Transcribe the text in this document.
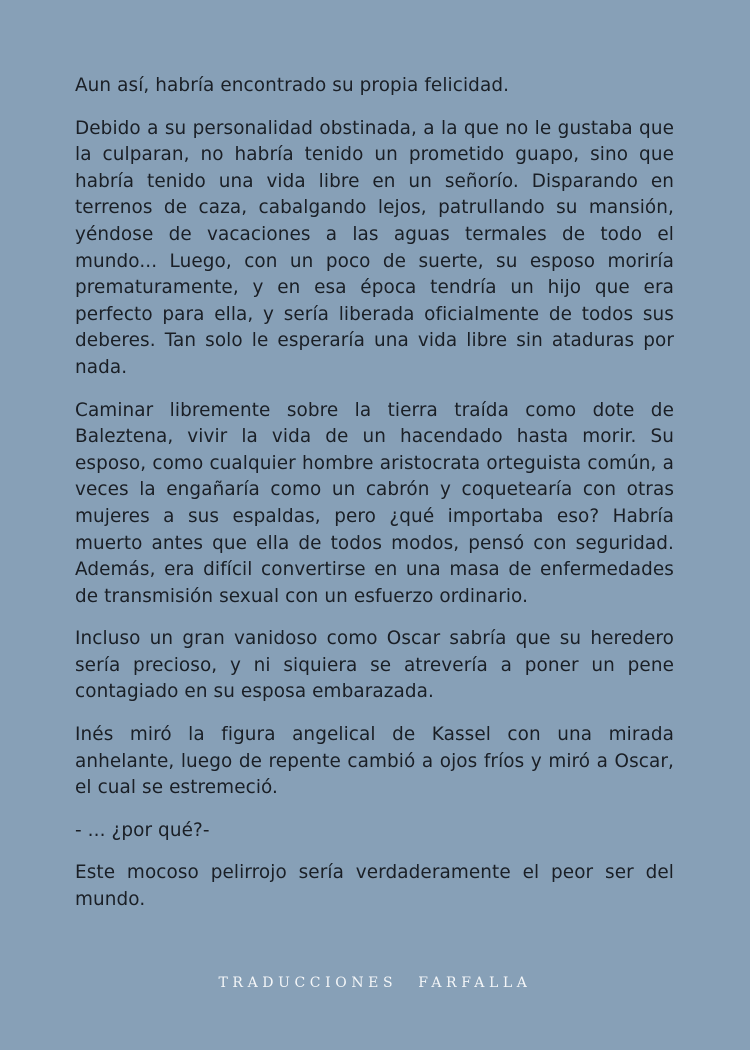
Aun así, habría encontrado su propia felicidad.

Debido a su personalidad obstinada, a la que no le gustaba que la culparan, no habría tenido un prometido guapo, sino que habría tenido una vida libre en un señorío. Disparando en terrenos de caza, cabalgando lejos, patrullando su mansión, yéndose de vacaciones a las aguas termales de todo el mundo... Luego, con un poco de suerte, su esposo moriría prematuramente, y en esa época tendría un hijo que era perfecto para ella, y sería liberada oficialmente de todos sus deberes. Tan solo le esperaría una vida libre sin ataduras por nada.

Caminar libremente sobre la tierra traída como dote de Baleztena, vivir la vida de un hacendado hasta morir. Su esposo, como cualquier hombre aristocrata orteguista común, a veces la engañaría como un cabrón y coquetearía con otras mujeres a sus espaldas, pero ¿qué importaba eso? Habría muerto antes que ella de todos modos, pensó con seguridad. Además, era difícil convertirse en una masa de enfermedades de transmisión sexual con un esfuerzo ordinario.

Incluso un gran vanidoso como Oscar sabría que su heredero sería precioso, y ni siquiera se atrevería a poner un pene contagiado en su esposa embarazada.

Inés miró la figura angelical de Kassel con una mirada anhelante, luego de repente cambió a ojos fríos y miró a Oscar, el cual se estremeció.

- ... ¿por qué?-

Este mocoso pelirrojo sería verdaderamente el peor ser del mundo.

TRADUCCIONES FARFALLA
